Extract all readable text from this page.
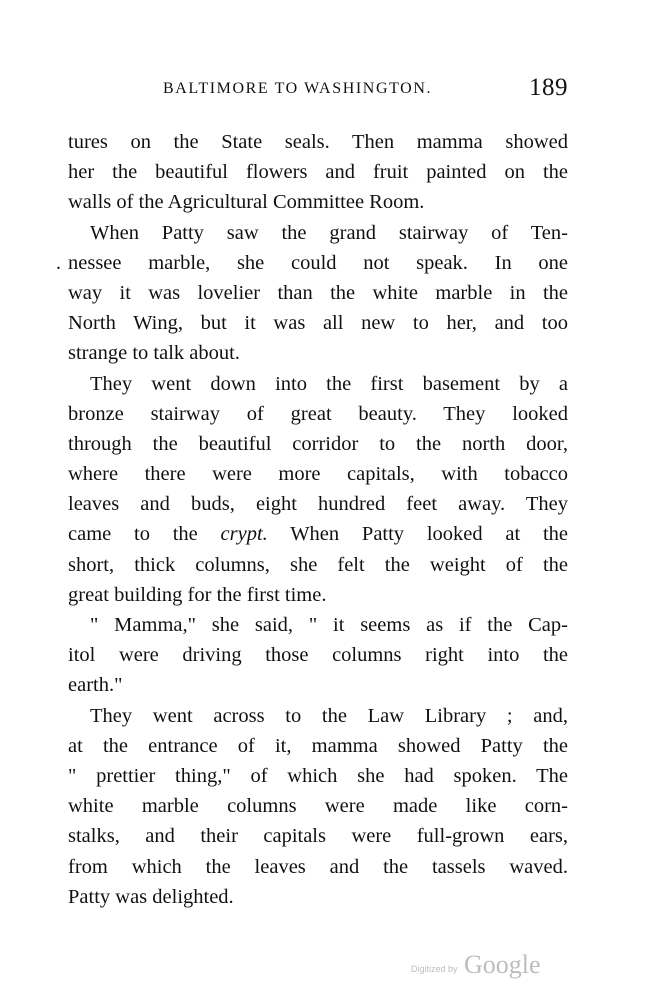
BALTIMORE TO WASHINGTON.	189
tures on the State seals. Then mamma showed
her the beautiful flowers and fruit painted on the
walls of the Agricultural Committee Room.
When Patty saw the grand stairway of Ten-
. nessee marble, she could not speak. In one
way it was lovelier than the white marble in the
North Wing, but it was all new to her, and too
strange to talk about.
They went down into the first basement by a
bronze stairway of great beauty. They looked
through the beautiful corridor to the north door,
where there were more capitals, with tobacco
leaves and buds, eight hundred feet away. They
came to the crypt. When Patty looked at the
short, thick columns, she felt the weight of the
great building for the first time.
" Mamma," she said, " it seems as if the Cap-
itol were driving those columns right into the
earth."
They went across to the Law Library ; and,
at the entrance of it, mamma showed Patty the
" prettier thing," of which she had spoken. The
white marble columns were made like corn-
stalks, and their capitals were full-grown ears,
from which the leaves and the tassels waved.
Patty was delighted.
Digitized by Google
